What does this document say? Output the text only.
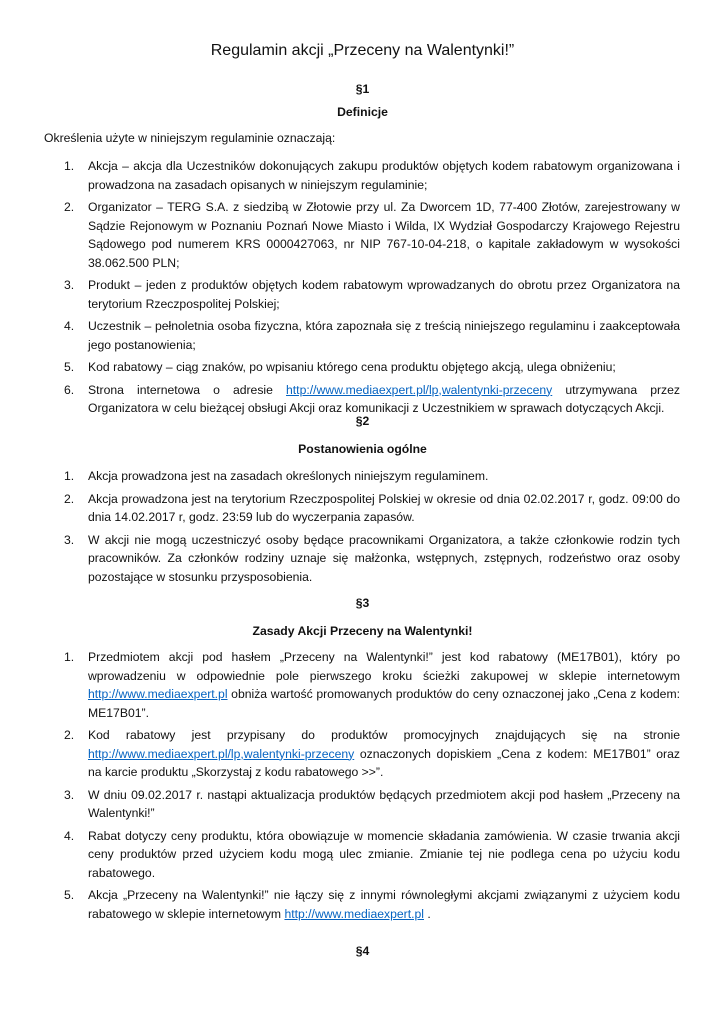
Regulamin akcji „Przeceny na Walentynki!”
§1
Definicje
Określenia użyte w niniejszym regulaminie oznaczają:
1. Akcja – akcja dla Uczestników dokonujących zakupu produktów objętych kodem rabatowym organizowana i prowadzona na zasadach opisanych w niniejszym regulaminie;
2. Organizator – TERG S.A. z siedzibą w Złotowie przy ul. Za Dworcem 1D, 77-400 Złotów, zarejestrowany w Sądzie Rejonowym w Poznaniu Poznań Nowe Miasto i Wilda, IX Wydział Gospodarczy Krajowego Rejestru Sądowego pod numerem KRS 0000427063, nr NIP 767-10-04-218, o kapitale zakładowym w wysokości 38.062.500 PLN;
3. Produkt – jeden z produktów objętych kodem rabatowym wprowadzanych do obrotu przez Organizatora na terytorium Rzeczpospolitej Polskiej;
4. Uczestnik – pełnoletnia osoba fizyczna, która zapoznała się z treścią niniejszego regulaminu i zaakceptowała jego postanowienia;
5. Kod rabatowy – ciąg znaków, po wpisaniu którego cena produktu objętego akcją, ulega obniżeniu;
6. Strona internetowa o adresie http://www.mediaexpert.pl/lp,walentynki-przeceny utrzymywana przez Organizatora w celu bieżącej obsługi Akcji oraz komunikacji z Uczestnikiem w sprawach dotyczących Akcji.
§2
Postanowienia ogólne
1. Akcja prowadzona jest na zasadach określonych niniejszym regulaminem.
2. Akcja prowadzona jest na terytorium Rzeczpospolitej Polskiej w okresie od dnia 02.02.2017 r, godz. 09:00 do dnia 14.02.2017 r, godz. 23:59 lub do wyczerpania zapasów.
3. W akcji nie mogą uczestniczyć osoby będące pracownikami Organizatora, a także członkowie rodzin tych pracowników. Za członków rodziny uznaje się małżonka, wstępnych, zstępnych, rodzeństwo oraz osoby pozostające w stosunku przysposobienia.
§3
Zasady Akcji Przeceny na Walentynki!
1. Przedmiotem akcji pod hasłem „Przeceny na Walentynki!” jest kod rabatowy (ME17B01), który po wprowadzeniu w odpowiednie pole pierwszego kroku ścieżki zakupowej w sklepie internetowym http://www.mediaexpert.pl obniża wartość promowanych produktów do ceny oznaczonej jako „Cena z kodem: ME17B01”.
2. Kod rabatowy jest przypisany do produktów promocyjnych znajdujących się na stronie http://www.mediaexpert.pl/lp,walentynki-przeceny oznaczonych dopiskiem „Cena z kodem: ME17B01” oraz na karcie produktu „Skorzystaj z kodu rabatowego >>”.
3. W dniu 09.02.2017 r. nastąpi aktualizacja produktów będących przedmiotem akcji pod hasłem „Przeceny na Walentynki!”
4. Rabat dotyczy ceny produktu, która obowiązuje w momencie składania zamówienia. W czasie trwania akcji ceny produktów przed użyciem kodu mogą ulec zmianie. Zmianie tej nie podlega cena po użyciu kodu rabatowego.
5. Akcja „Przeceny na Walentynki!” nie łączy się z innymi równoległymi akcjami związanymi z użyciem kodu rabatowego w sklepie internetowym http://www.mediaexpert.pl .
§4
